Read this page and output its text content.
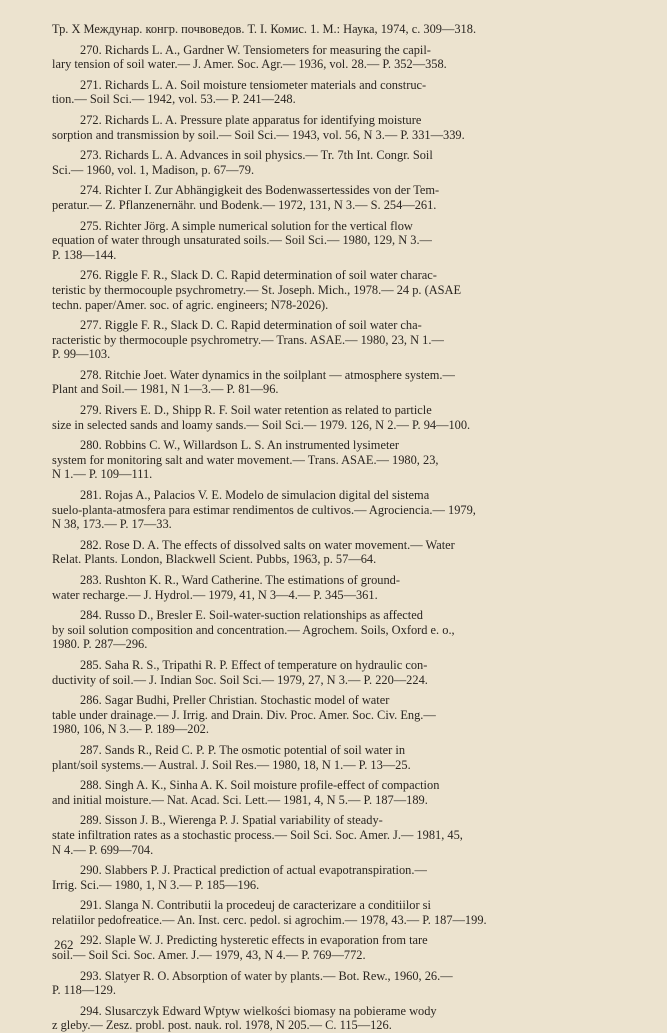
Тр. X Междунар. конгр. почвоведов. Т. I. Комис. 1. М.: Наука, 1974, с. 309—318.
270. Richards L. A., Gardner W. Tensiometers for measuring the capil-
lary tension of soil water.— J. Amer. Soc. Agr.— 1936, vol. 28.— P. 352—358.
271. Richards L. A. Soil moisture tensiometer materials and construc-
tion.— Soil Sci.— 1942, vol. 53.— P. 241—248.
272. Richards L. A. Pressure plate apparatus for identifying moisture
sorption and transmission by soil.— Soil Sci.— 1943, vol. 56, N 3.— P. 331—339.
273. Richards L. A. Advances in soil physics.— Tr. 7th Int. Congr. Soil
Sci.— 1960, vol. 1, Madison, p. 67—79.
274. Richter I. Zur Abhängigkeit des Bodenwassertessides von der Tem-
peratur.— Z. Pflanzenernähr. und Bodenk.— 1972, 131, N 3.— S. 254—261.
275. Richter Jörg. A simple numerical solution for the vertical flow
equation of water through unsaturated soils.— Soil Sci.— 1980, 129, N 3.—
P. 138—144.
276. Riggle F. R., Slack D. C. Rapid determination of soil water charac-
teristic by thermocouple psychrometry.— St. Joseph. Mich., 1978.— 24 p. (ASAE
techn. paper/Amer. soc. of agric. engineers; N78-2026).
277. Riggle F. R., Slack D. C. Rapid determination of soil water cha-
racteristic by thermocouple psychrometry.— Trans. ASAE.— 1980, 23, N 1.—
P. 99—103.
278. Ritchie Joet. Water dynamics in the soilplant — atmosphere system.—
Plant and Soil.— 1981, N 1—3.— P. 81—96.
279. Rivers E. D., Shipp R. F. Soil water retention as related to particle
size in selected sands and loamy sands.— Soil Sci.— 1979. 126, N 2.— P. 94—100.
280. Robbins C. W., Willardson L. S. An instrumented lysimeter
system for monitoring salt and water movement.— Trans. ASAE.— 1980, 23,
N 1.— P. 109—111.
281. Rojas A., Palacios V. E. Modelo de simulacion digital del sistema
suelo-planta-atmosfera para estimar rendimentos de cultivos.— Agrociencia.— 1979,
N 38, 173.— P. 17—33.
282. Rose D. A. The effects of dissolved salts on water movement.— Water
Relat. Plants. London, Blackwell Scient. Pubbs, 1963, p. 57—64.
283. Rushton K. R., Ward Catherine. The estimations of ground-
water recharge.— J. Hydrol.— 1979, 41, N 3—4.— P. 345—361.
284. Russo D., Bresler E. Soil-water-suction relationships as affected
by soil solution composition and concentration.— Agrochem. Soils, Oxford e. o.,
1980. P. 287—296.
285. Saha R. S., Tripathi R. P. Effect of temperature on hydraulic con-
ductivity of soil.— J. Indian Soc. Soil Sci.— 1979, 27, N 3.— P. 220—224.
286. Sagar Budhi, Preller Christian. Stochastic model of water
table under drainage.— J. Irrig. and Drain. Div. Proc. Amer. Soc. Civ. Eng.—
1980, 106, N 3.— P. 189—202.
287. Sands R., Reid C. P. P. The osmotic potential of soil water in
plant/soil systems.— Austral. J. Soil Res.— 1980, 18, N 1.— P. 13—25.
288. Singh A. K., Sinha A. K. Soil moisture profile-effect of compaction
and initial moisture.— Nat. Acad. Sci. Lett.— 1981, 4, N 5.— P. 187—189.
289. Sisson J. B., Wierenga P. J. Spatial variability of steady-
state infiltration rates as a stochastic process.— Soil Sci. Soc. Amer. J.— 1981, 45,
N 4.— P. 699—704.
290. Slabbers P. J. Practical prediction of actual evapotranspiration.—
Irrig. Sci.— 1980, 1, N 3.— P. 185—196.
291. Slanga N. Contributii la procedeuj de caracterizare a conditiilor si
relatiilor pedofreatice.— An. Inst. cerc. pedol. si agrochim.— 1978, 43.— P. 187—199.
292. Slaple W. J. Predicting hysteretic effects in evaporation from tare
soil.— Soil Sci. Soc. Amer. J.— 1979, 43, N 4.— P. 769—772.
293. Slatyer R. O. Absorption of water by plants.— Bot. Rew., 1960, 26.—
P. 118—129.
294. Slusarczyk Edward Wptyw wielkości biomasy na pobierame wody
z gleby.— Zesz. probl. post. nauk. rol. 1978, N 205.— C. 115—126.
262
